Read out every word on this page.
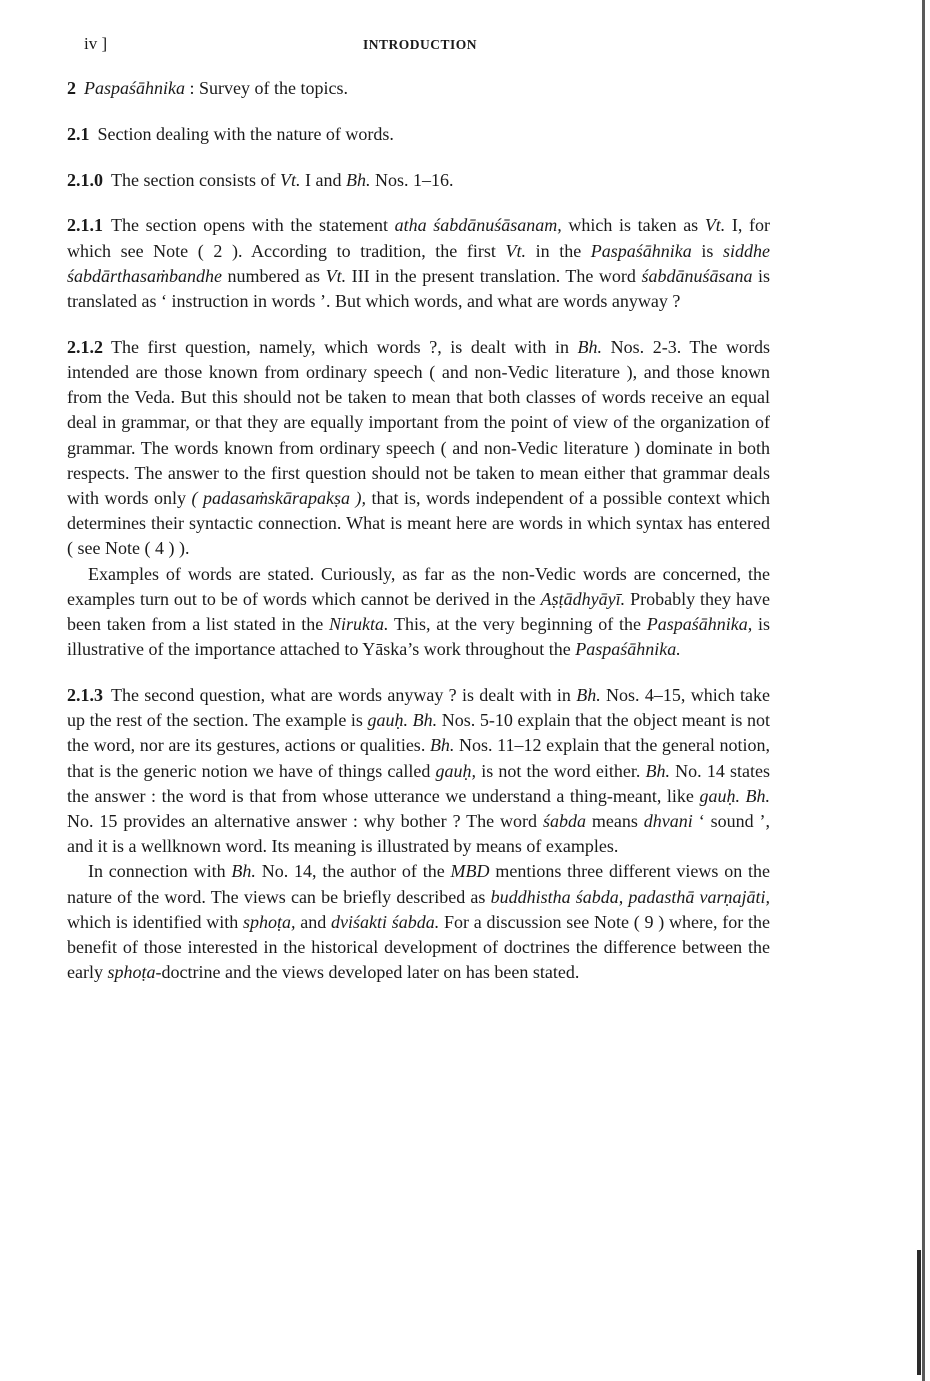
iv ]	INTRODUCTION

2 Paspaśāhnika : Survey of the topics.

2.1 Section dealing with the nature of words.

2.1.0 The section consists of Vt. I and Bh. Nos. 1–16.

2.1.1 The section opens with the statement atha śabdānuśāsanam, which is taken as Vt. I, for which see Note ( 2 ). According to tradition, the first Vt. in the Paspaśāhnika is siddhe śabdārthasaṁbandhe numbered as Vt. III in the present translation. The word śabdānuśāsana is translated as ‘ instruction in words ’. But which words, and what are words anyway ?

2.1.2 The first question, namely, which words ?, is dealt with in Bh. Nos. 2-3. The words intended are those known from ordinary speech ( and non-Vedic literature ), and those known from the Veda. But this should not be taken to mean that both classes of words receive an equal deal in grammar, or that they are equally important from the point of view of the organization of grammar. The words known from ordinary speech ( and non-Vedic literature ) dominate in both respects. The answer to the first question should not be taken to mean either that grammar deals with words only ( padasaṁskārapakṣa ), that is, words independent of a possible context which determines their syntactic connection. What is meant here are words in which syntax has entered ( see Note ( 4 ) ).

Examples of words are stated. Curiously, as far as the non-Vedic words are concerned, the examples turn out to be of words which cannot be derived in the Aṣṭādhyāyī. Probably they have been taken from a list stated in the Nirukta. This, at the very beginning of the Paspaśāhnika, is illustrative of the importance attached to Yāska’s work throughout the Paspaśāhnika.

2.1.3 The second question, what are words anyway ? is dealt with in Bh. Nos. 4–15, which take up the rest of the section. The example is gauḥ. Bh. Nos. 5-10 explain that the object meant is not the word, nor are its gestures, actions or qualities. Bh. Nos. 11–12 explain that the general notion, that is the generic notion we have of things called gauḥ, is not the word either. Bh. No. 14 states the answer : the word is that from whose utterance we understand a thing-meant, like gauḥ. Bh. No. 15 provides an alternative answer : why bother ? The word śabda means dhvani ‘ sound ’, and it is a wellknown word. Its meaning is illustrated by means of examples.

In connection with Bh. No. 14, the author of the MBD mentions three different views on the nature of the word. The views can be briefly described as buddhistha śabda, padasthā varṇajāti, which is identified with sphoṭa, and dviśakti śabda. For a discussion see Note ( 9 ) where, for the benefit of those interested in the historical development of doctrines the difference between the early sphoṭa-doctrine and the views developed later on has been stated.
